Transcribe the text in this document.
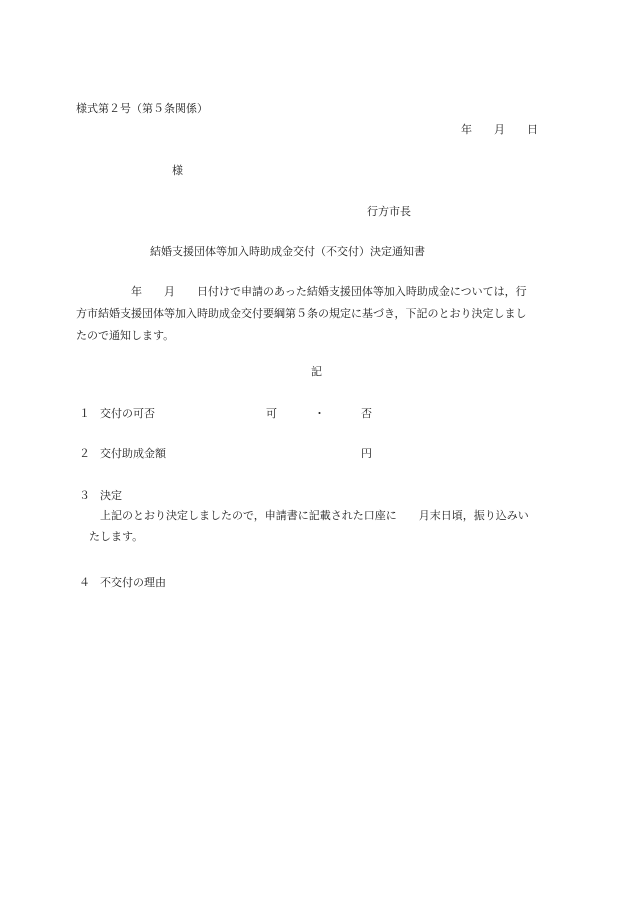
様式第２号（第５条関係）
年　　月　　日
様
行方市長
結婚支援団体等加入時助成金交付（不交付）決定通知書
　　　　　年　　月　　日付けで申請のあった結婚支援団体等加入時助成金については，行
方市結婚支援団体等加入時助成金交付要綱第５条の規定に基づき，下記のとおり決定しまし
たので通知します。
記
１ 交付の可否	可	・	否
２ 交付助成金額	円
３ 決定
上記のとおり決定しましたので，申請書に記載された口座に　　月末日頃，振り込みい
たします。
４ 不交付の理由
